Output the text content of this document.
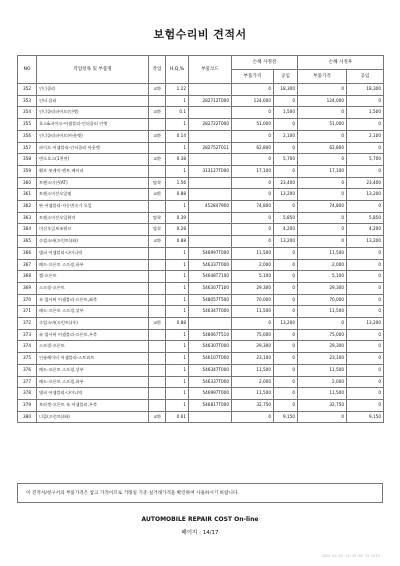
보험수리비 견적서
NO	작업항목 및 부품명	작업	H,Q,%	부품코드	손해 사정전		손해 사정후	
					부품가격	공임	부품가격	공임
352	인너쿨러	교환	1.22		0	18,300	0	18,300
353	인터 쿨러		1	282712T000	124,000	0	124,000	0
354	인너쿨러파이프(인렛)	교환	0.1		0	1,500	0	1,500
355	호스&파이프-어셈블리-인터쿨러 인렛		1	282722T000	51,000	0	51,000	0
356	인너쿨러파이프(아웃렛)	교환	0.14		0	2,100	0	2,100
357	파이프 어셈블리-인터쿨러 아웃렛		1	282752T011	62,800	0	62,800	0
358	변로호스(1천연)	교환	0.38		0	5,700	0	5,700
359	휀브 씻케이-엔트 베이퍼		1	313127T000	17,100	0	17,100	0
360	트랜스미션(AT)	탈착	1.56		0	23,400	0	23,400
361	트랜스미션오일펌	교환	0.88		0	13,200	0	13,200
362	판 어셈블리-자동변속기 오일		1	452847900	74,800	0	74,800	0
363	트랜스미션오일워머	탈착	0.39		0	5,850	0	5,850
364	미션오일보조워르	탈착	0.28		0	4,200	0	4,200
365	속업소바(프런트)(좌)	교환	0.88		0	13,200	0	13,200
366	댐퍼 어셈블리-다이나믹		1	546997T000	11,500	0	11,500	0
367	패드-프론트 스프링,하부		1	546337T000	2,000	0	2,000	0
368	캡-프론트		1	54648T7100	5,100	0	5,100	0
369	스프링-프론트		1	546307T100	29,300	0	29,300	0
370	쇽 업서버 어셈블리-프론트,좌측		1	548057T500	70,000	0	70,000	0
371	패드-프론트 스프링,상부		1	546347T000	11,500	0	11,500	0
372	속업소바(프런트)(우)	교환	0.88		0	13,200	0	13,200
373	쇽 업서버 어셈블리-프론트,우측		1	548067T510	75,000	0	75,000	0
374	스프링-프론트		1	546307T000	29,300	0	29,300	0
375	인슐레이터 어셈블리-스트러트		1	546107T000	23,100	0	23,100	0
376	패드-프론트 스프링,상부		1	546347T000	11,500	0	11,500	0
377	패드-프론트 스프링,하부		1	546337T000	2,000	0	2,000	0
378	댐퍼 어셈블리-다이나믹		1	546997T000	11,500	0	11,500	0
379	브라켓-프론트 쇽 어셈블리,우측		1	546817T000	32,750	0	32,750	0
380	너클(프런트)(좌)	교환	0.61		0	9,150	0	9,150
이 견적서/청구서의 부품가격은 참고 가격이므로 거래일 기준 실거래가격을 확인하여 사용하시기 바랍니다.
AUTOMOBILE REPAIR COST On-line
페이지 : 14/17
2024-04-05 15:45:38 TO DEFS
